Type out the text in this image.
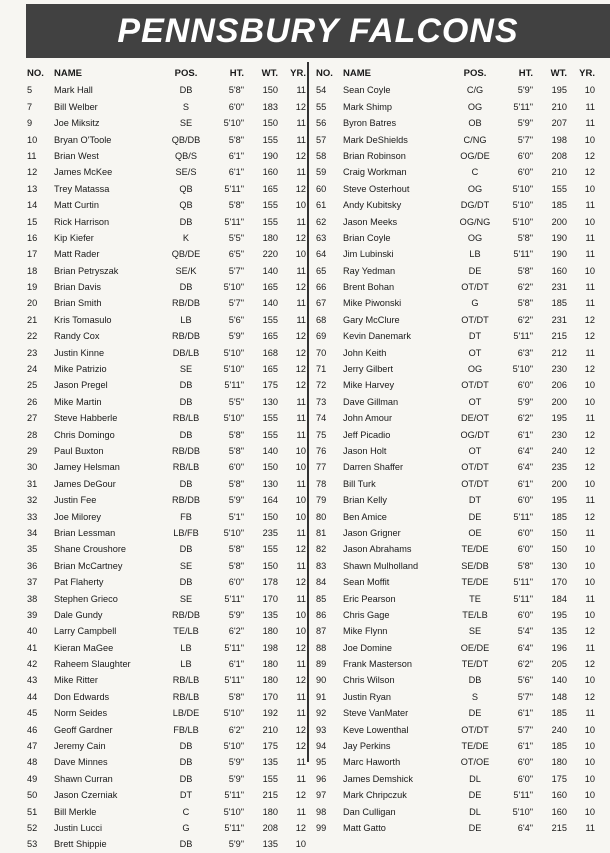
PENNSBURY FALCONS
NO.	NAME	POS.	HT.	WT.	YR.
5	Mark Hall	DB	5'8"	150	11
7	Bill Welber	S	6'0"	183	12
9	Joe Miksitz	SE	5'10"	150	11
10	Bryan O'Toole	QB/DB	5'8"	155	11
11	Brian West	QB/S	6'1"	190	12
12	James McKee	SE/S	6'1"	160	11
13	Trey Matassa	QB	5'11"	165	12
14	Matt Curtin	QB	5'8"	155	10
15	Rick Harrison	DB	5'11"	155	11
16	Kip Kiefer	K	5'5"	180	12
17	Matt Rader	QB/DE	6'5"	220	10
18	Brian Petryszak	SE/K	5'7"	140	11
19	Brian Davis	DB	5'10"	165	12
20	Brian Smith	RB/DB	5'7"	140	11
21	Kris Tomasulo	LB	5'6"	155	11
22	Randy Cox	RB/DB	5'9"	165	12
23	Justin Kinne	DB/LB	5'10"	168	12
24	Mike Patrizio	SE	5'10"	165	12
25	Jason Pregel	DB	5'11"	175	12
26	Mike Martin	DB	5'5"	130	11
27	Steve Habberle	RB/LB	5'10"	155	11
28	Chris Domingo	DB	5'8"	155	11
29	Paul Buxton	RB/DB	5'8"	140	10
30	Jamey Helsman	RB/LB	6'0"	150	10
31	James DeGour	DB	5'8"	130	11
32	Justin Fee	RB/DB	5'9"	164	10
33	Joe Milorey	FB	5'1"	150	10
34	Brian Lessman	LB/FB	5'10"	235	11
35	Shane Croushore	DB	5'8"	155	12
36	Brian McCartney	SE	5'8"	150	11
37	Pat Flaherty	DB	6'0"	178	12
38	Stephen Grieco	SE	5'11"	170	11
39	Dale Gundy	RB/DB	5'9"	135	10
40	Larry Campbell	TE/LB	6'2"	180	10
41	Kieran MaGee	LB	5'11"	198	12
42	Raheem Slaughter	LB	6'1"	180	11
43	Mike Ritter	RB/LB	5'11"	180	12
44	Don Edwards	RB/LB	5'8"	170	11
45	Norm Seides	LB/DE	5'10"	192	11
46	Geoff Gardner	FB/LB	6'2"	210	12
47	Jeremy Cain	DB	5'10"	175	12
48	Dave Minnes	DB	5'9"	135	11
49	Shawn Curran	DB	5'9"	155	11
50	Jason Czerniak	DT	5'11"	215	12
51	Bill Merkle	C	5'10"	180	11
52	Justin Lucci	G	5'11"	208	12
53	Brett Shippie	DB	5'9"	135	10
NO.	NAME	POS.	HT.	WT.	YR.
54	Sean Coyle	C/G	5'9"	195	10
55	Mark Shimp	OG	5'11"	210	11
56	Byron Batres	OB	5'9"	207	11
57	Mark DeShields	C/NG	5'7"	198	10
58	Brian Robinson	OG/DE	6'0"	208	12
59	Craig Workman	C	6'0"	210	12
60	Steve Osterhout	OG	5'10"	155	10
61	Andy Kubitsky	DG/DT	5'10"	185	11
62	Jason Meeks	OG/NG	5'10"	200	10
63	Brian Coyle	OG	5'8"	190	11
64	Jim Lubinski	LB	5'11"	190	11
65	Ray Yedman	DE	5'8"	160	10
66	Brent Bohan	OT/DT	6'2"	231	11
67	Mike Piwonski	G	5'8"	185	11
68	Gary McClure	OT/DT	6'2"	231	12
69	Kevin Danemark	DT	5'11"	215	12
70	John Keith	OT	6'3"	212	11
71	Jerry Gilbert	OG	5'10"	230	12
72	Mike Harvey	OT/DT	6'0"	206	10
73	Dave Gillman	OT	5'9"	200	10
74	John Amour	DE/OT	6'2"	195	11
75	Jeff Picadio	OG/DT	6'1"	230	12
76	Jason Holt	OT	6'4"	240	12
77	Darren Shaffer	OT/DT	6'4"	235	12
78	Bill Turk	OT/DT	6'1"	200	10
79	Brian Kelly	DT	6'0"	195	11
80	Ben Amice	DE	5'11"	185	12
81	Jason Grigner	OE	6'0"	150	11
82	Jason Abrahams	TE/DE	6'0"	150	10
83	Shawn Mulholland	SE/DB	5'8"	130	10
84	Sean Moffit	TE/DE	5'11"	170	10
85	Eric Pearson	TE	5'11"	184	11
86	Chris Gage	TE/LB	6'0"	195	10
87	Mike Flynn	SE	5'4"	135	12
88	Joe Domine	OE/DE	6'4"	196	11
89	Frank Masterson	TE/DT	6'2"	205	12
90	Chris Wilson	DB	5'6"	140	10
91	Justin Ryan	S	5'7"	148	12
92	Steve VanMater	DE	6'1"	185	11
93	Keve Lowenthal	OT/DT	5'7"	240	10
94	Jay Perkins	TE/DE	6'1"	185	10
95	Marc Haworth	OT/OE	6'0"	180	10
96	James Demshick	DL	6'0"	175	10
97	Mark Chripczuk	DE	5'11"	160	10
98	Dan Culligan	DL	5'10"	160	10
99	Matt Gatto	DE	6'4"	215	11
